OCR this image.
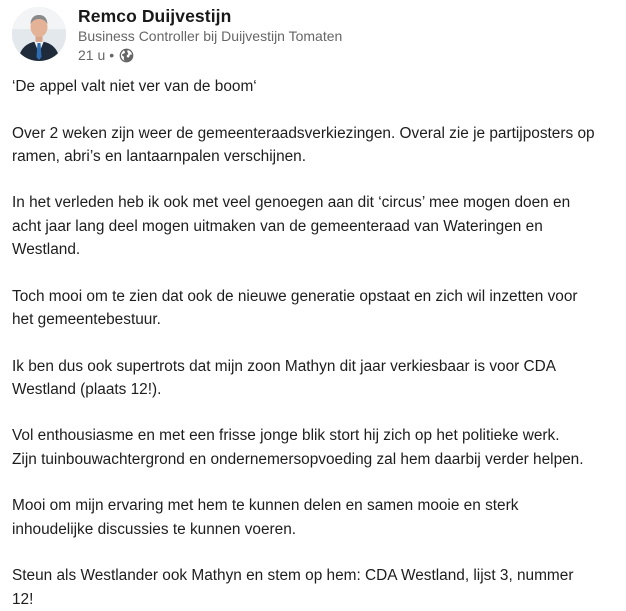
Remco Duijvestijn
Business Controller bij Duijvestijn Tomaten
21 u •

‘De appel valt niet ver van de boom‘

Over 2 weken zijn weer de gemeenteraadsverkiezingen. Overal zie je partijposters op
ramen, abri’s en lantaarnpalen verschijnen.

In het verleden heb ik ook met veel genoegen aan dit ‘circus’ mee mogen doen en
acht jaar lang deel mogen uitmaken van de gemeenteraad van Wateringen en
Westland.

Toch mooi om te zien dat ook de nieuwe generatie opstaat en zich wil inzetten voor
het gemeentebestuur.

Ik ben dus ook supertrots dat mijn zoon Mathyn dit jaar verkiesbaar is voor CDA
Westland (plaats 12!).

Vol enthousiasme en met een frisse jonge blik stort hij zich op het politieke werk.
Zijn tuinbouwachtergrond en ondernemersopvoeding zal hem daarbij verder helpen.

Mooi om mijn ervaring met hem te kunnen delen en samen mooie en sterk
inhoudelijke discussies te kunnen voeren.

Steun als Westlander ook Mathyn en stem op hem: CDA Westland, lijst 3, nummer
12!
